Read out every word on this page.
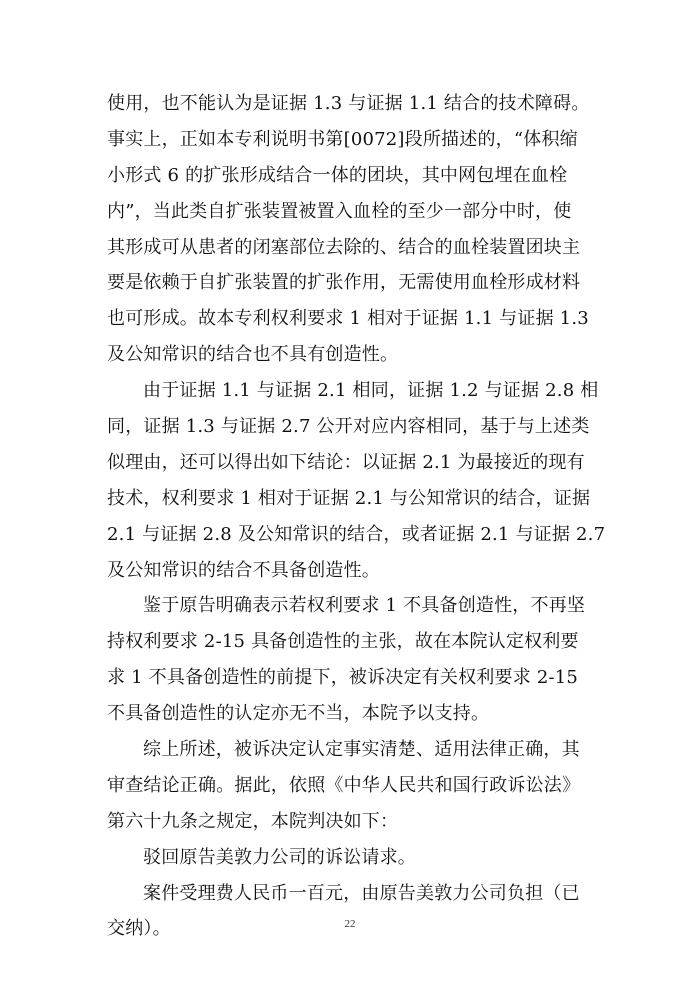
使用，也不能认为是证据 1.3 与证据 1.1 结合的技术障碍。
事实上，正如本专利说明书第[0072]段所描述的，“体积缩
小形式 6 的扩张形成结合一体的团块，其中网包埋在血栓
内”，当此类自扩张装置被置入血栓的至少一部分中时，使
其形成可从患者的闭塞部位去除的、结合的血栓装置团块主
要是依赖于自扩张装置的扩张作用，无需使用血栓形成材料
也可形成。故本专利权利要求 1 相对于证据 1.1 与证据 1.3
及公知常识的结合也不具有创造性。
由于证据 1.1 与证据 2.1 相同，证据 1.2 与证据 2.8 相
同，证据 1.3 与证据 2.7 公开对应内容相同，基于与上述类
似理由，还可以得出如下结论：以证据 2.1 为最接近的现有
技术，权利要求 1 相对于证据 2.1 与公知常识的结合，证据
2.1 与证据 2.8 及公知常识的结合，或者证据 2.1 与证据 2.7
及公知常识的结合不具备创造性。
鉴于原告明确表示若权利要求 1 不具备创造性，不再坚
持权利要求 2-15 具备创造性的主张，故在本院认定权利要
求 1 不具备创造性的前提下，被诉决定有关权利要求 2-15
不具备创造性的认定亦无不当，本院予以支持。
综上所述，被诉决定认定事实清楚、适用法律正确，其
审查结论正确。据此，依照《中华人民共和国行政诉讼法》
第六十九条之规定，本院判决如下：
驳回原告美敦力公司的诉讼请求。
案件受理费人民币一百元，由原告美敦力公司负担（已
交纳）。	22
